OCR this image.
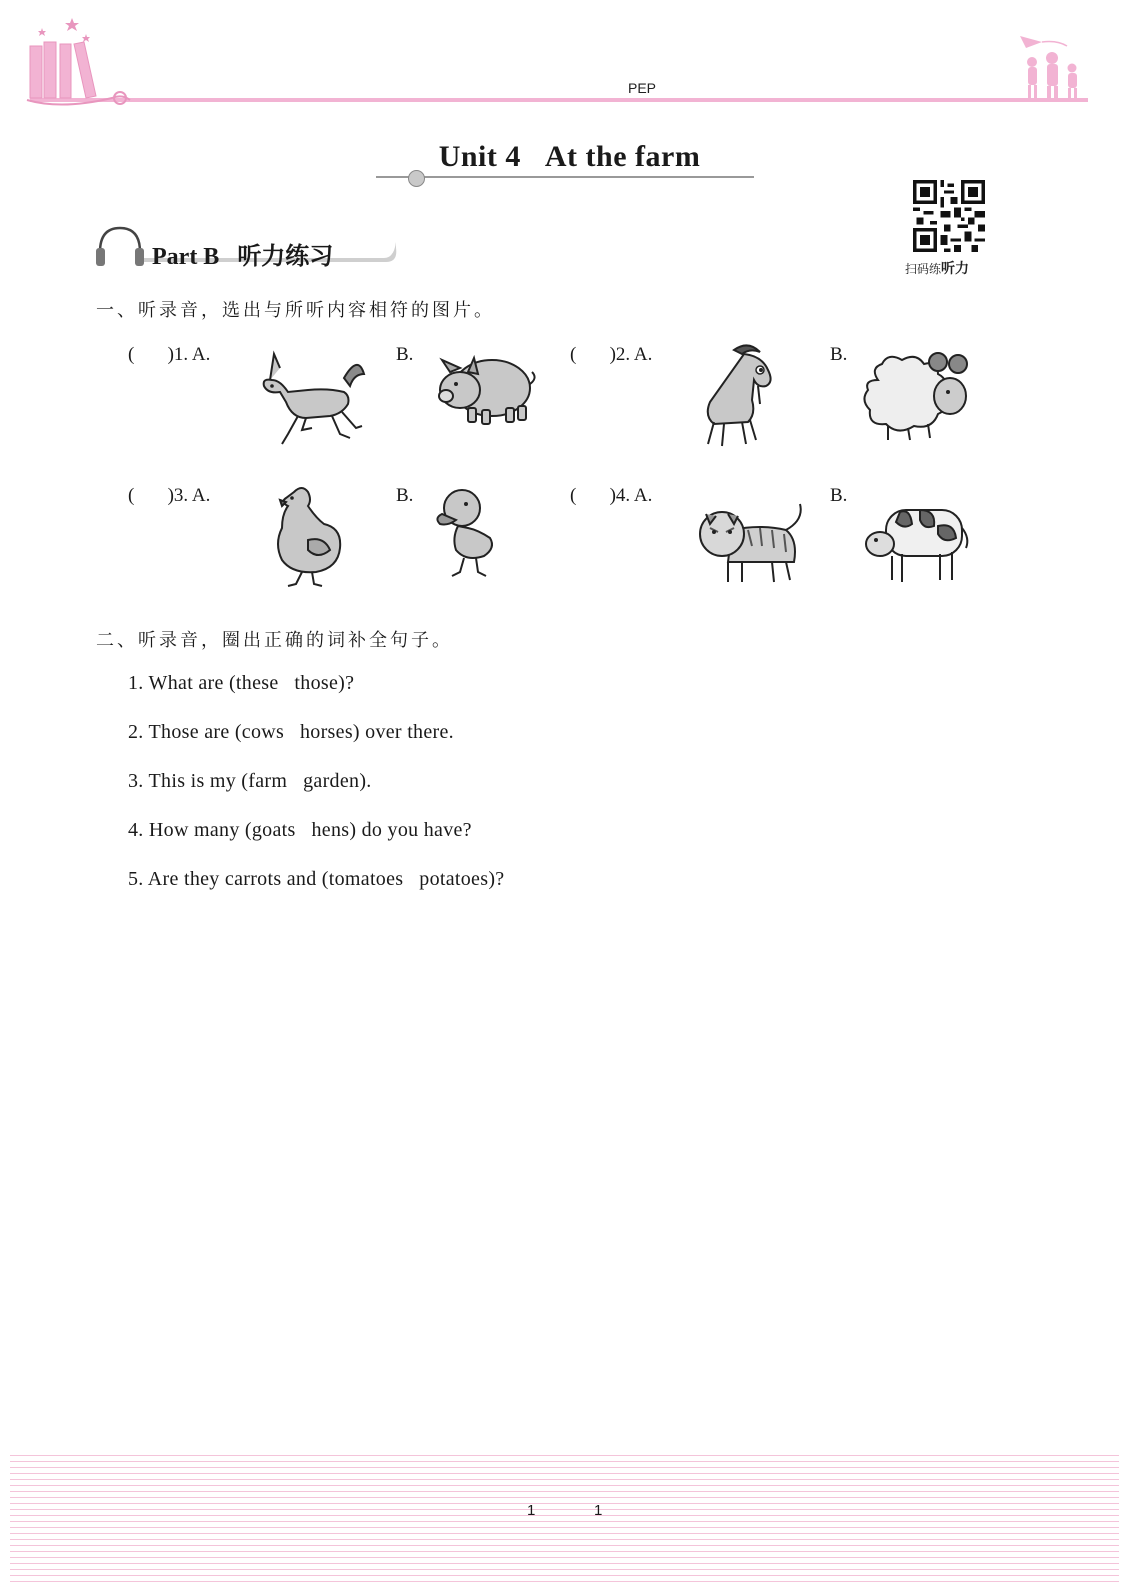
PEP
Unit 4   At the farm
扫码练听力
Part B   听力练习
一、听录音，选出与所听内容相符的图片。
(       )1. A.	B.	(       )2. A.	B.
(       )3. A.	B.	(       )4. A.	B.
二、听录音，圈出正确的词补全句子。
1. What are (these   those)?
2. Those are (cows   horses) over there.
3. This is my (farm   garden).
4. How many (goats   hens) do you have?
5. Are they carrots and (tomatoes   potatoes)?
1	1
